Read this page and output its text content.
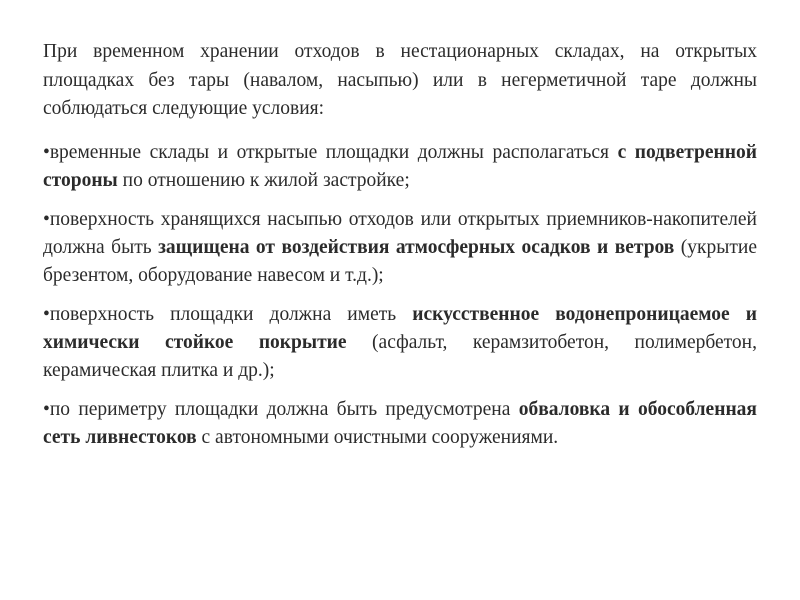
При временном хранении отходов в нестационарных складах, на открытых площадках без тары (навалом, насыпью) или в негерметичной таре должны соблюдаться следующие условия:

•временные склады и открытые площадки должны располагаться с подветренной стороны по отношению к жилой застройке;
•поверхность хранящихся насыпью отходов или открытых приемников-накопителей должна быть защищена от воздействия атмосферных осадков и ветров (укрытие брезентом, оборудование навесом и т.д.);
•поверхность площадки должна иметь искусственное водонепроницаемое и химически стойкое покрытие (асфальт, керамзитобетон, полимербетон, керамическая плитка и др.);
•по периметру площадки должна быть предусмотрена обваловка и обособленная сеть ливнестоков с автономными очистными сооружениями.
